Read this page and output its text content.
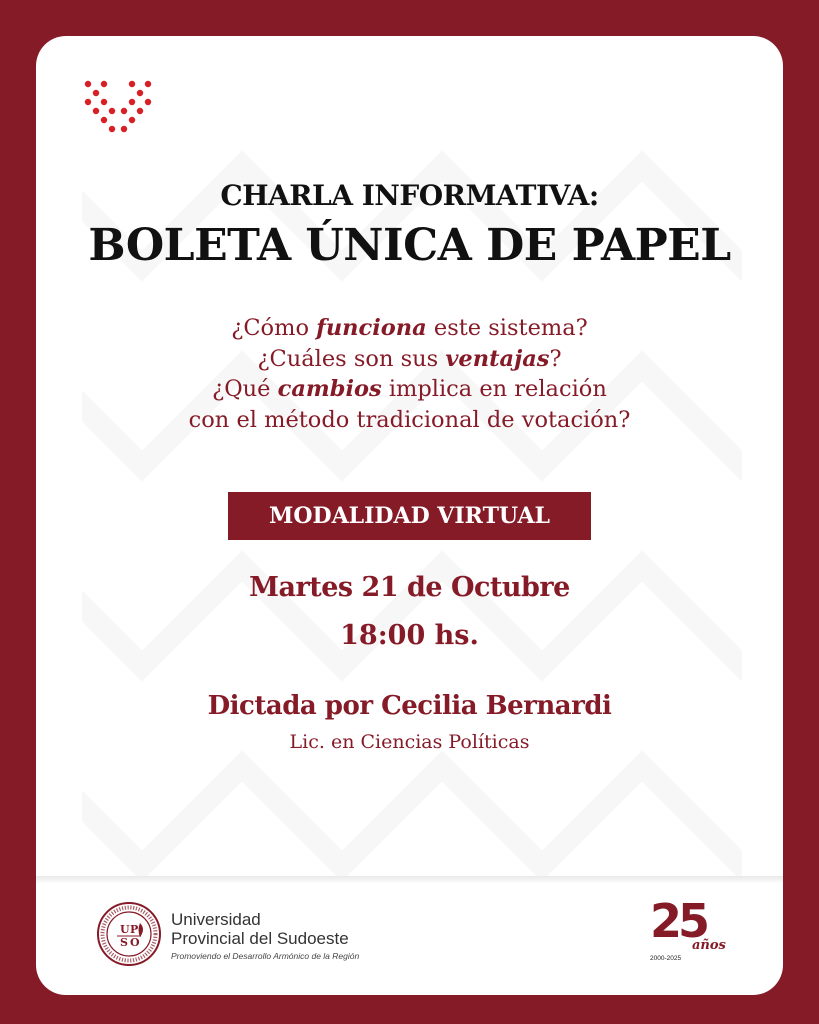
CHARLA INFORMATIVA:
BOLETA ÚNICA DE PAPEL
¿Cómo funciona este sistema?
¿Cuáles son sus ventajas?
¿Qué cambios implica en relación
con el método tradicional de votación?
MODALIDAD VIRTUAL
Martes 21 de Octubre
18:00 hs.
Dictada por Cecilia Bernardi
Lic. en Ciencias Políticas
U P
S O
Universidad
Provincial del Sudoeste
Promoviendo el Desarrollo Armónico de la Región
25
años
2000-2025
